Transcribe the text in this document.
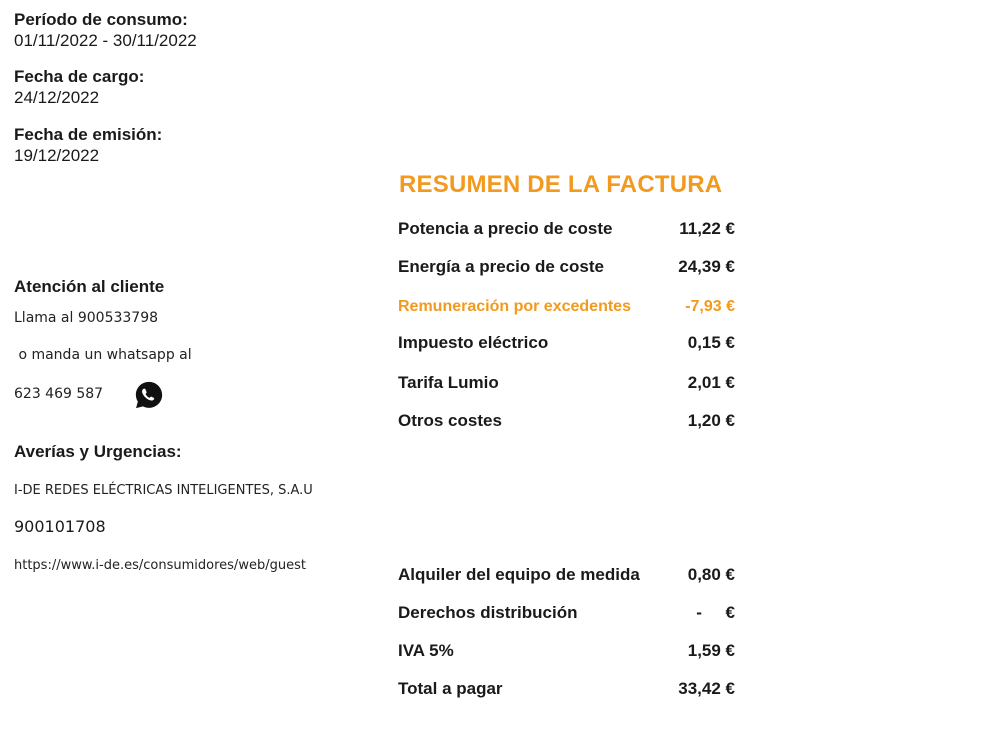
Período de consumo:
01/11/2022 - 30/11/2022
Fecha de cargo:
24/12/2022
Fecha de emisión:
19/12/2022
Atención al cliente
Llama al 900533798
o manda un whatsapp al
623 469 587
Averías y Urgencias:
I-DE REDES ELÉCTRICAS INTELIGENTES, S.A.U
900101708
https://www.i-de.es/consumidores/web/guest
RESUMEN DE LA FACTURA
Potencia a precio de coste	11,22 €
Energía a precio de coste	24,39 €
Remuneración por excedentes	-7,93 €
Impuesto eléctrico	0,15 €
Tarifa Lumio	2,01 €
Otros costes	1,20 €
Alquiler del equipo de medida	0,80 €
Derechos distribución	-     €
IVA 5%	1,59 €
Total a pagar	33,42 €
